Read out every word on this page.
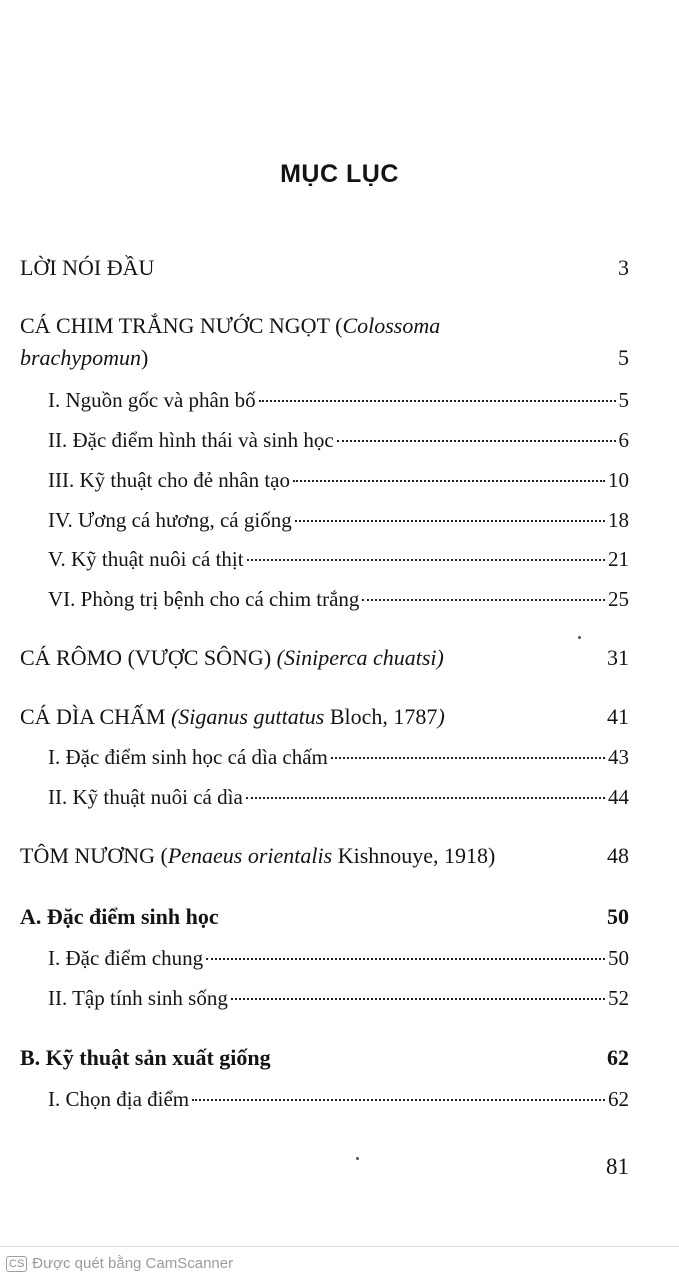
MỤC LỤC
LỜI NÓI ĐẦU	3
CÁ CHIM TRẮNG NƯỚC NGỌT (Colossoma
brachypomun)	5
I. Nguồn gốc và phân bố	5
II. Đặc điểm hình thái và sinh học	6
III. Kỹ thuật cho đẻ nhân tạo	10
IV. Ương cá hương, cá giống	18
V. Kỹ thuật nuôi cá thịt	21
VI. Phòng trị bệnh cho cá chim trắng	25
CÁ RÔMO (VƯỢC SÔNG) (Siniperca chuatsi)	31
CÁ DÌA CHẤM (Siganus guttatus Bloch, 1787)	41
I. Đặc điểm sinh học cá dìa chấm	43
II. Kỹ thuật nuôi cá dìa	44
TÔM NƯƠNG (Penaeus orientalis Kishnouye, 1918)	48
A. Đặc điểm sinh học	50
I. Đặc điểm chung	50
II. Tập tính sinh sống	52
B. Kỹ thuật sản xuất giống	62
I. Chọn địa điểm	62
81
CS Được quét bằng CamScanner
